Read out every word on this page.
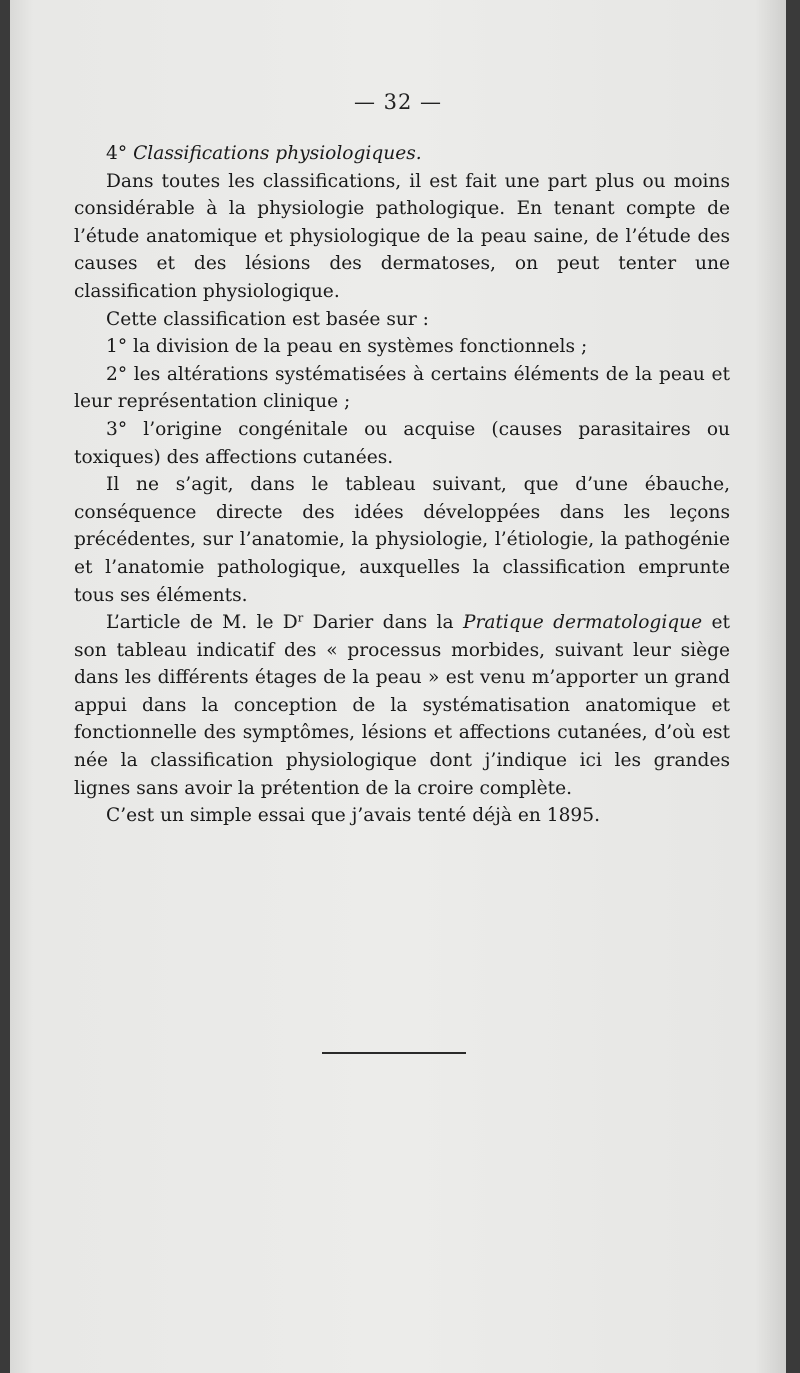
— 32 —

4° Classifications physiologiques.

Dans toutes les classifications, il est fait une part plus ou moins considérable à la physiologie pathologique. En tenant compte de l’étude anatomique et physiologique de la peau saine, de l’étude des causes et des lésions des dermatoses, on peut tenter une classification physiologique.

Cette classification est basée sur :

1° la division de la peau en systèmes fonctionnels ;

2° les altérations systématisées à certains éléments de la peau et leur représentation clinique ;

3° l’origine congénitale ou acquise (causes parasitaires ou toxiques) des affections cutanées.

Il ne s’agit, dans le tableau suivant, que d’une ébauche, conséquence directe des idées développées dans les leçons précédentes, sur l’anatomie, la physiologie, l’étiologie, la pathogénie et l’anatomie pathologique, auxquelles la classification emprunte tous ses éléments.

L’article de M. le $D^r$ Darier dans la Pratique dermatologique et son tableau indicatif des « processus morbides, suivant leur siège dans les différents étages de la peau » est venu m’apporter un grand appui dans la conception de la systématisation anatomique et fonctionnelle des symptômes, lésions et affections cutanées, d’où est née la classification physiologique dont j’indique ici les grandes lignes sans avoir la prétention de la croire complète.

C’est un simple essai que j’avais tenté déjà en 1895.
